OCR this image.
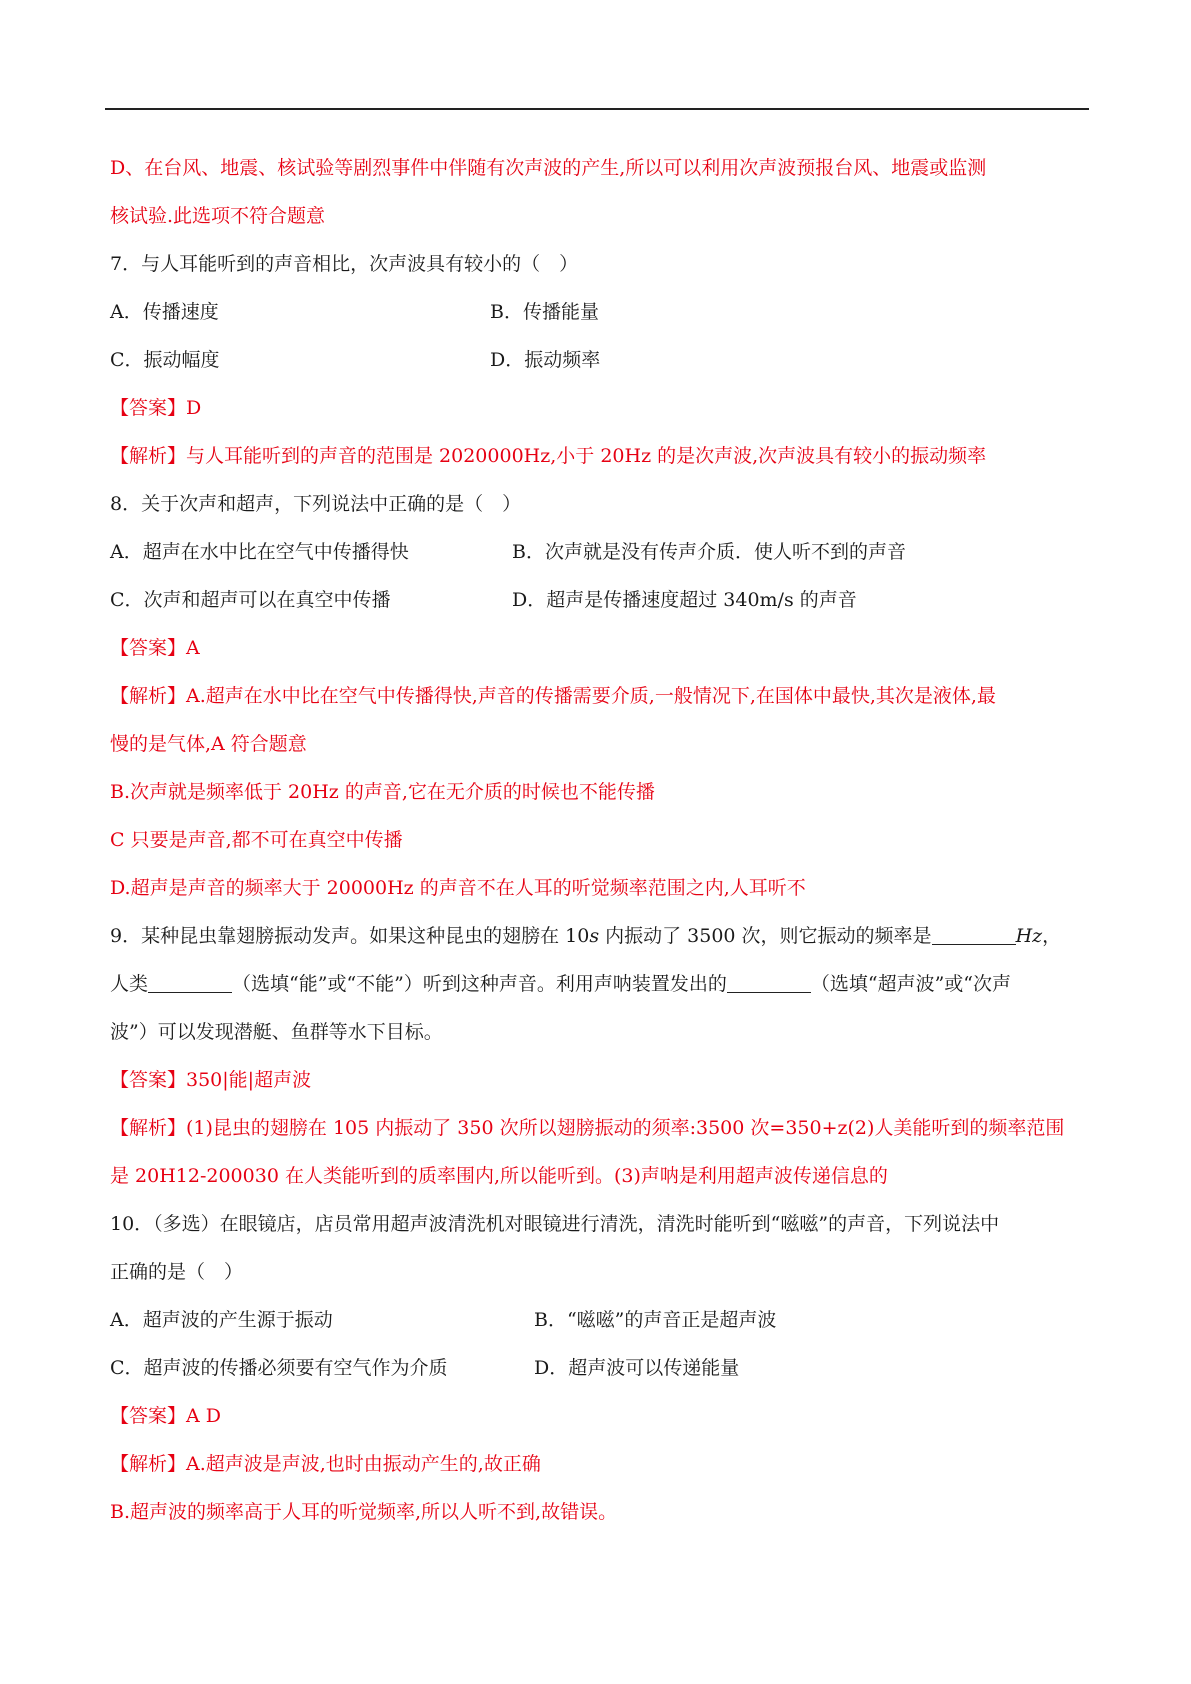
D、在台风、地震、核试验等剧烈事件中伴随有次声波的产生,所以可以利用次声波预报台风、地震或监测
核试验.此选项不符合题意
7．与人耳能听到的声音相比，次声波具有较小的（　）
A．传播速度	B．传播能量
C．振动幅度	D．振动频率
【答案】D
【解析】与人耳能听到的声音的范围是 2020000Hz,小于 20Hz 的是次声波,次声波具有较小的振动频率
8．关于次声和超声，下列说法中正确的是（　）
A．超声在水中比在空气中传播得快	B．次声就是没有传声介质．使人听不到的声音
C．次声和超声可以在真空中传播	D．超声是传播速度超过 340m/s 的声音
【答案】A
【解析】A.超声在水中比在空气中传播得快,声音的传播需要介质,一般情况下,在国体中最快,其次是液体,最
慢的是气体,A 符合题意
B.次声就是频率低于 20Hz 的声音,它在无介质的时候也不能传播
C 只要是声音,都不可在真空中传播
D.超声是声音的频率大于 20000Hz 的声音不在人耳的听觉频率范围之内,人耳听不
9．某种昆虫靠翅膀振动发声。如果这种昆虫的翅膀在 10s 内振动了 3500 次，则它振动的频率是	Hz，
人类	（选填“能”或“不能”）听到这种声音。利用声呐装置发出的	（选填“超声波”或“次声
波”）可以发现潜艇、鱼群等水下目标。
【答案】350|能|超声波
【解析】(1)昆虫的翅膀在 105 内振动了 350 次所以翅膀振动的须率:3500 次=350+z(2)人美能听到的频率范围
是 20H12-200030 在人类能听到的质率围内,所以能听到。(3)声呐是利用超声波传递信息的
10．（多选）在眼镜店，店员常用超声波清洗机对眼镜进行清洗，清洗时能听到“嗞嗞”的声音，下列说法中
正确的是（　）
A．超声波的产生源于振动	B．“嗞嗞”的声音正是超声波
C．超声波的传播必须要有空气作为介质	D．超声波可以传递能量
【答案】A D
【解析】A.超声波是声波,也时由振动产生的,故正确
B.超声波的频率高于人耳的听觉频率,所以人听不到,故错误。
